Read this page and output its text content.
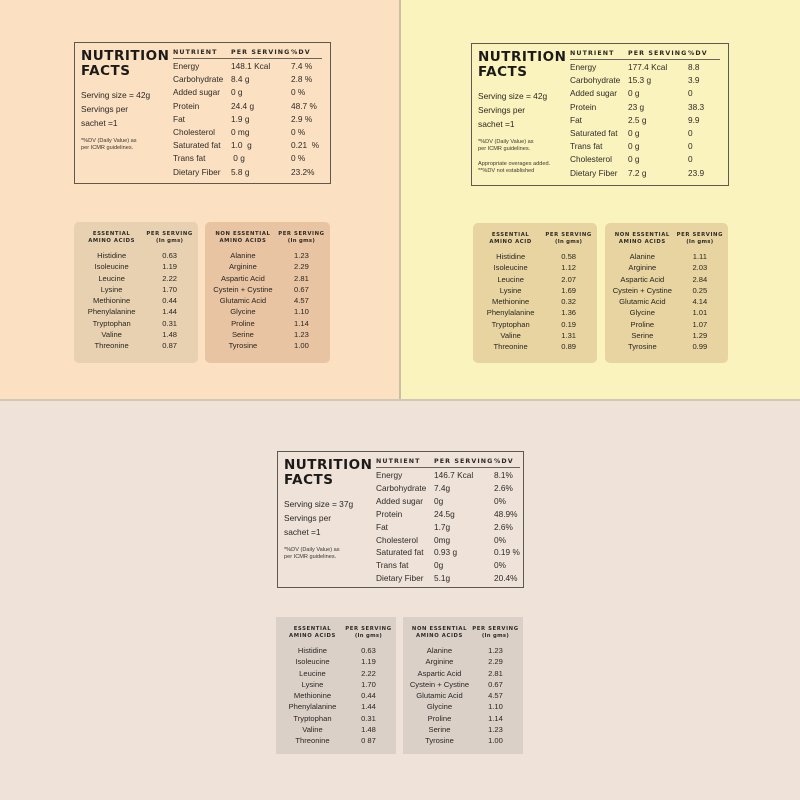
NUTRITION
FACTS
Serving size = 42g
Servings per
sachet =1
*%DV (Daily Value) as
per ICMR guidelines.
NUTRIENT	PER SERVING %DV
Energy	148.1 Kcal	7.4 %
Carbohydrate 8.4 g	2.8 %
Added sugar	0 g	0 %
Protein	24.4 g	48.7 %
Fat	1.9 g	2.9 %
Cholesterol	0 mg	0 %
Saturated fat	1.0  g	0.21  %
Trans fat	0 g	0 %
Dietary Fiber	5.8 g	23.2%
ESSENTIAL
AMINO ACIDS
PER SERVING
(In gms)
Histidine	0.63
Isoleucine	1.19
Leucine	2.22
Lysine	1.70
Methionine	0.44
Phenylalanine	1.44
Tryptophan	0.31
Valine	1.48
Threonine	0.87
NON ESSENTIAL
AMINO ACIDS
PER SERVING
(In gms)
Alanine	1.23
Arginine	2.29
Aspartic Acid	2.81
Cystein + Cystine	0.67
Glutamic Acid	4.57
Glycine	1.10
Proline	1.14
Serine	1.23
Tyrosine	1.00
NUTRITION
FACTS
Serving size = 42g
Servings per
sachet =1
*%DV (Daily Value) as
per ICMR guidelines.
Appropriate overages added.
**%DV not established
NUTRIENT	PER SERVING %DV
Energy	177.4 Kcal	8.8
Carbohydrate 15.3 g	3.9
Added sugar	0 g	0
Protein	23 g	38.3
Fat	2.5 g	9.9
Saturated fat	0 g	0
Trans fat	0 g	0
Cholesterol	0 g	0
Dietary Fiber	7.2 g	23.9
ESSENTIAL
AMINO ACID
PER SERVING
(In gms)
Histidine	0.58
Isoleucine	1.12
Leucine	2.07
Lysine	1.69
Methionine	0.32
Phenylalanine	1.36
Tryptophan	0.19
Valine	1.31
Threonine	0.89
NON ESSENTIAL
AMINO ACIDS
PER SERVING
(In gms)
Alanine	1.11
Arginine	2.03
Aspartic Acid	2.84
Cystein + Cystine	0.25
Glutamic Acid	4.14
Glycine	1.01
Proline	1.07
Serine	1.29
Tyrosine	0.99
NUTRITION
FACTS
Serving size = 37g
Servings per
sachet =1
*%DV (Daily Value) as
per ICMR guidelines.
NUTRIENT	PER SERVING %DV
Energy	146.7 Kcal	8.1%
Carbohydrate 7.4g	2.6%
Added sugar	0g	0%
Protein	24.5g	48.9%
Fat	1.7g	2.6%
Cholesterol	0mg	0%
Saturated fat	0.93 g	0.19 %
Trans fat	0g	0%
Dietary Fiber	5.1g	20.4%
ESSENTIAL
AMINO ACIDS
PER SERVING
(In gms)
Histidine	0.63
Isoleucine	1.19
Leucine	2.22
Lysine	1.70
Methionine	0.44
Phenylalanine	1.44
Tryptophan	0.31
Valine	1.48
Threonine	0 87
NON ESSENTIAL
AMINO ACIDS
PER SERVING
(In gms)
Alanine	1.23
Arginine	2.29
Aspartic Acid	2.81
Cystein + Cystine	0.67
Glutamic Acid	4.57
Glycine	1.10
Proline	1.14
Serine	1.23
Tyrosine	1.00
